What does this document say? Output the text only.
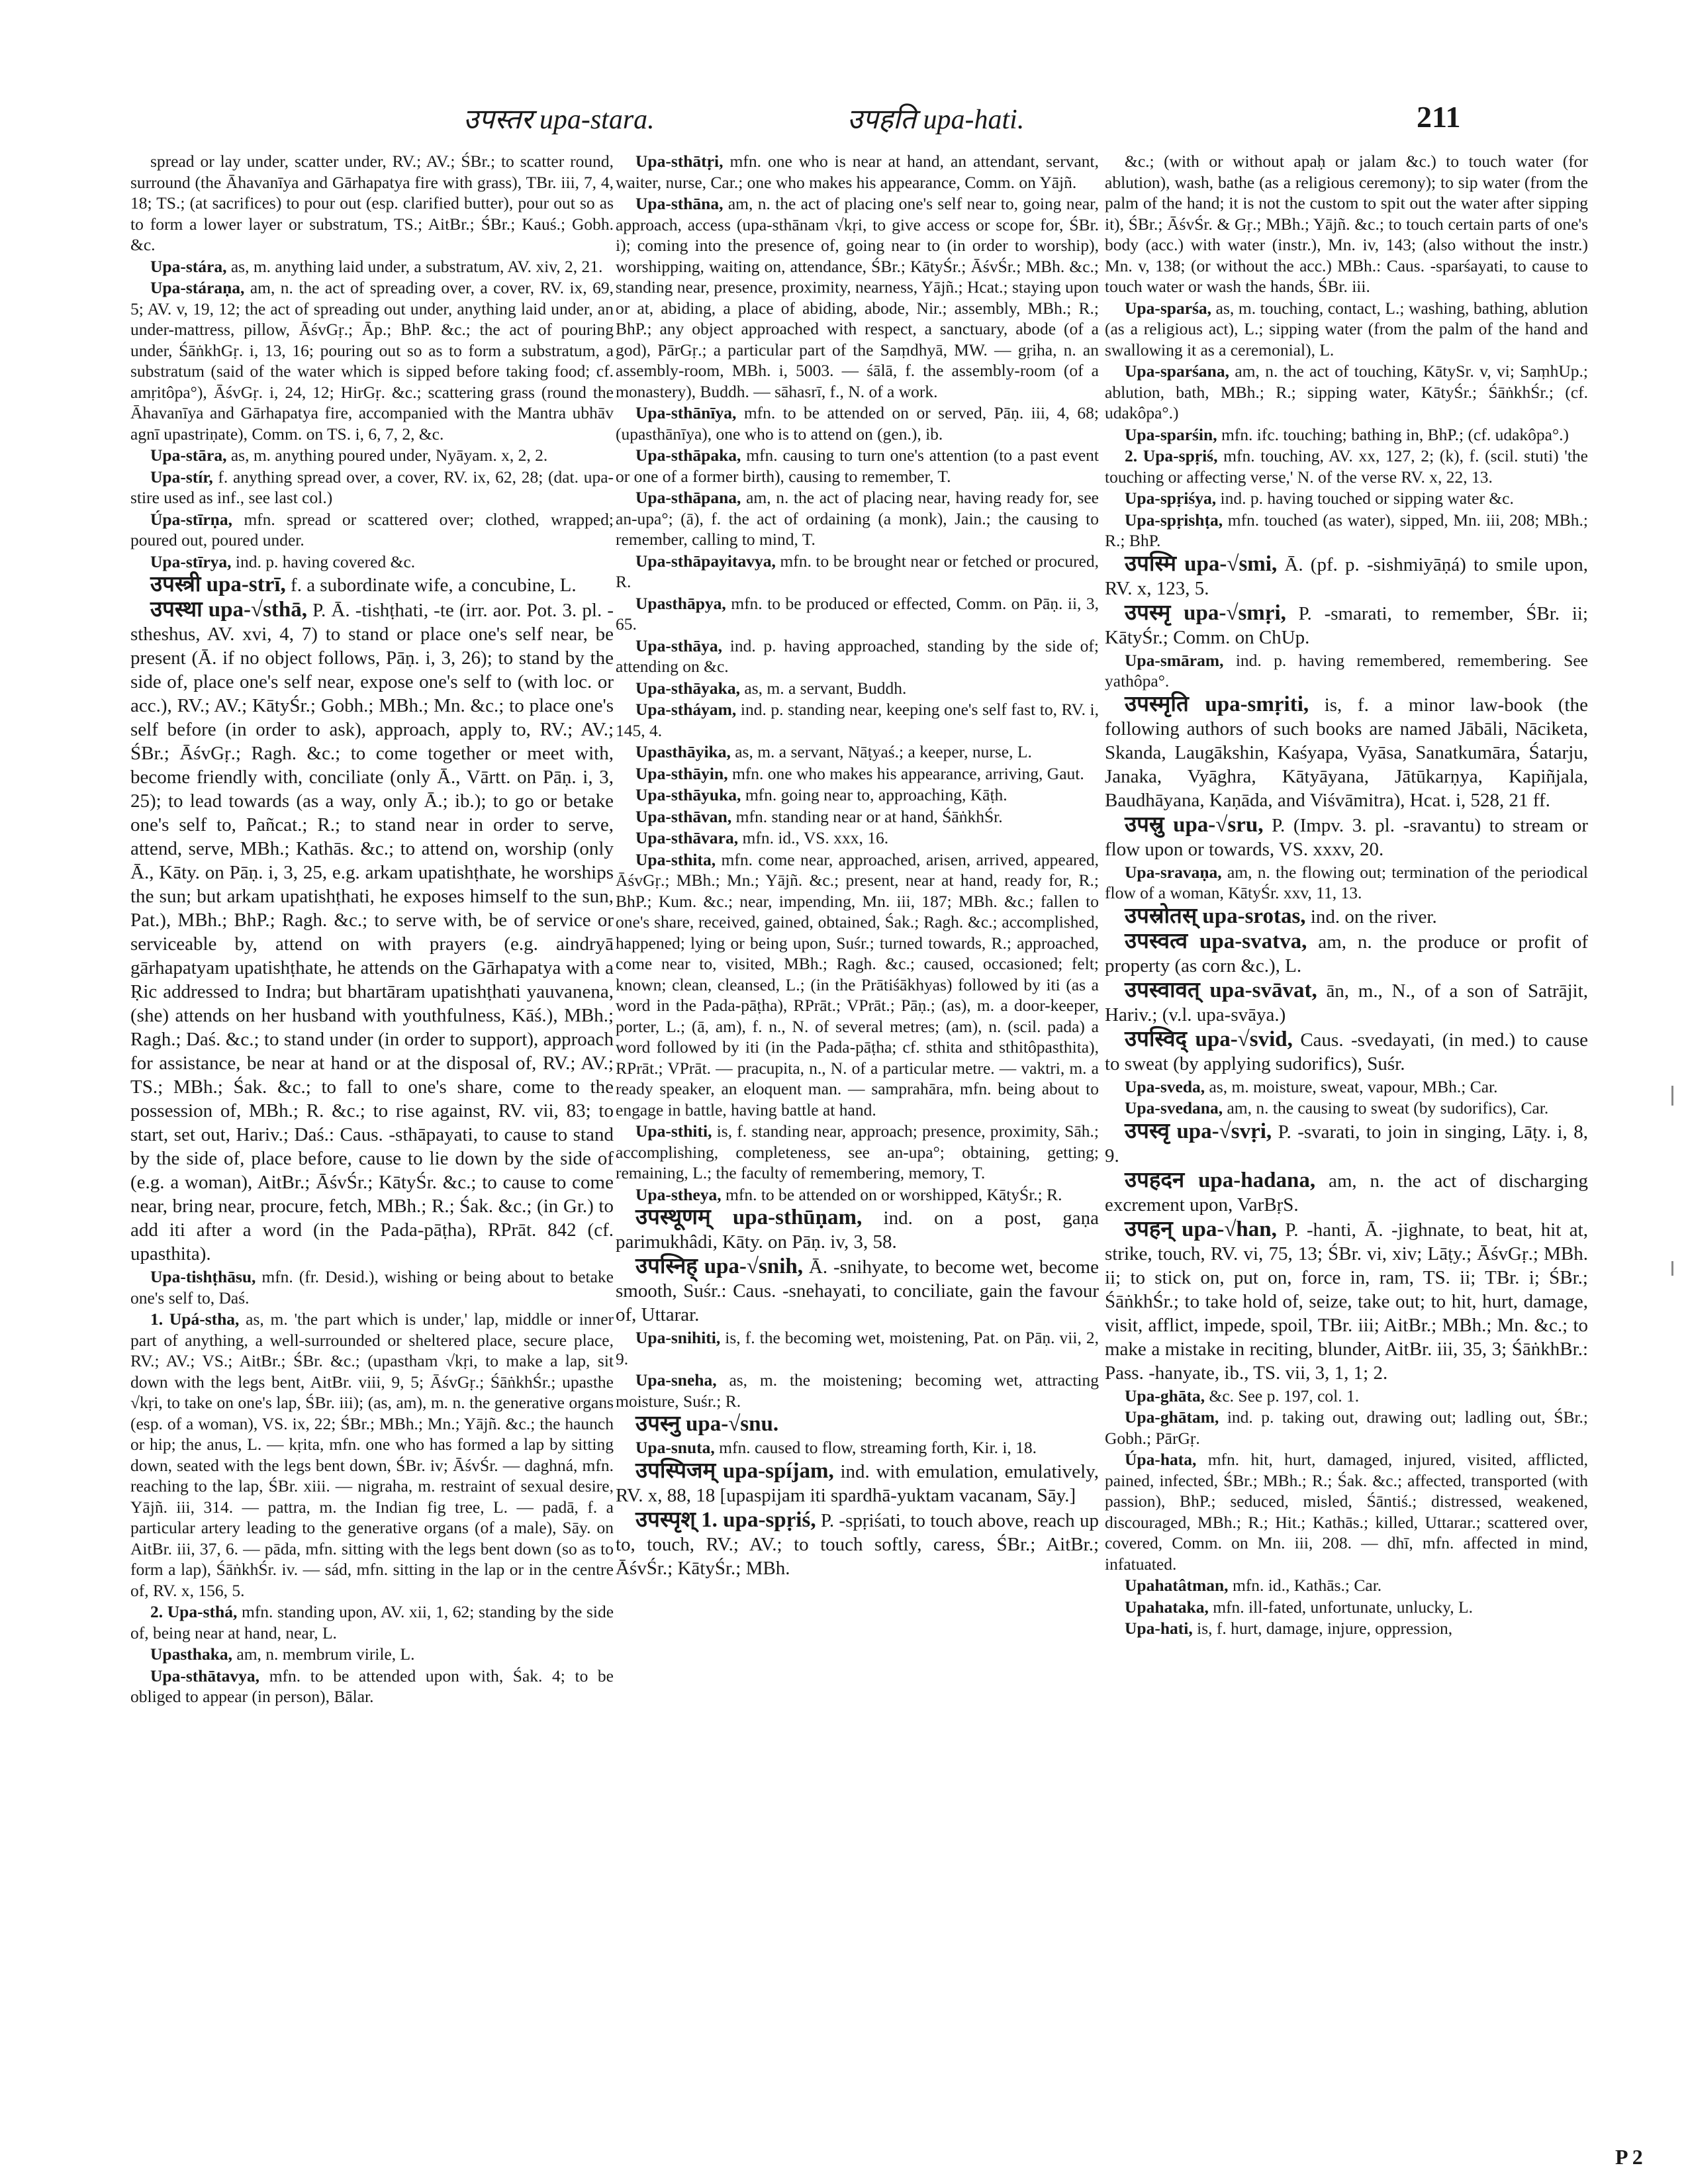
उपस्तर upa-stara.	उपहति upa-hati.	211

spread or lay under, scatter under, RV.; AV.; ŚBr.; to scatter round, surround (the Āhavanīya and Gārhapatya fire with grass), TBr. iii, 7, 4, 18; TS.; (at sacrifices) to pour out (esp. clarified butter), pour out so as to form a lower layer or substratum, TS.; AitBr.; ŚBr.; Kauś.; Gobh. &c.

Upa-stára, as, m. anything laid under, a substratum, AV. xiv, 2, 21.

Upa-stáraṇa, am, n. the act of spreading over, a cover, RV. ix, 69, 5; AV. v, 19, 12; the act of spreading out under, anything laid under, an under-mattress, pillow, ĀśvGṛ.; Āp.; BhP. &c.; the act of pouring under, ŚāṅkhGṛ. i, 13, 16; pouring out so as to form a substratum, a substratum (said of the water which is sipped before taking food; cf. amṛitôpa°), ĀśvGṛ. i, 24, 12; HirGṛ. &c.; scattering grass (round the Āhavanīya and Gārhapatya fire, accompanied with the Mantra ubhāv agnī upastriṇate), Comm. on TS. i, 6, 7, 2, &c.

Upa-stāra, as, m. anything poured under, Nyāyam. x, 2, 2.

Upa-stír, f. anything spread over, a cover, RV. ix, 62, 28; (dat. upa-stire used as inf., see last col.)

Úpa-stīrṇa, mfn. spread or scattered over; clothed, wrapped; poured out, poured under.

Upa-stīrya, ind. p. having covered &c.

उपस्त्री upa-strī, f. a subordinate wife, a concubine, L.

उपस्था upa-√sthā, P. Ā. -tishṭhati, -te (irr. aor. Pot. 3. pl. -stheshus, AV. xvi, 4, 7) to stand or place one's self near, be present (Ā. if no object follows, Pāṇ. i, 3, 26); to stand by the side of, place one's self near, expose one's self to (with loc. or acc.), RV.; AV.; KātyŚr.; Gobh.; MBh.; Mn. &c.; to place one's self before (in order to ask), approach, apply to, RV.; AV.; ŚBr.; ĀśvGṛ.; Ragh. &c.; to come together or meet with, become friendly with, conciliate (only Ā., Vārtt. on Pāṇ. i, 3, 25); to lead towards (as a way, only Ā.; ib.); to go or betake one's self to, Pañcat.; R.; to stand near in order to serve, attend, serve, MBh.; Kathās. &c.; to attend on, worship (only Ā., Kāty. on Pāṇ. i, 3, 25, e.g. arkam upatishṭhate, he worships the sun; but arkam upatishṭhati, he exposes himself to the sun, Pat.), MBh.; BhP.; Ragh. &c.; to serve with, be of service or serviceable by, attend on with prayers (e.g. aindryā gārhapatyam upatishṭhate, he attends on the Gārhapatya with a Ṛic addressed to Indra; but bhartāram upatishṭhati yauvanena, (she) attends on her husband with youthfulness, Kāś.), MBh.; Ragh.; Daś. &c.; to stand under (in order to support), approach for assistance, be near at hand or at the disposal of, RV.; AV.; TS.; MBh.; Śak. &c.; to fall to one's share, come to the possession of, MBh.; R. &c.; to rise against, RV. vii, 83; to start, set out, Hariv.; Daś.: Caus. -sthāpayati, to cause to stand by the side of, place before, cause to lie down by the side of (e.g. a woman), AitBr.; ĀśvŚr.; KātyŚr. &c.; to cause to come near, bring near, procure, fetch, MBh.; R.; Śak. &c.; (in Gr.) to add iti after a word (in the Pada-pāṭha), RPrāt. 842 (cf. upasthita).

Upa-tishṭhāsu, mfn. (fr. Desid.), wishing or being about to betake one's self to, Daś.

1. Upá-stha, as, m. 'the part which is under,' lap, middle or inner part of anything, a well-surrounded or sheltered place, secure place, RV.; AV.; VS.; AitBr.; ŚBr. &c.; (upastham √kṛi, to make a lap, sit down with the legs bent, AitBr. viii, 9, 5; ĀśvGṛ.; ŚāṅkhŚr.; upasthe √kṛi, to take on one's lap, ŚBr. iii); (as, am), m. n. the generative organs (esp. of a woman), VS. ix, 22; ŚBr.; MBh.; Mn.; Yājñ. &c.; the haunch or hip; the anus, L. — kṛita, mfn. one who has formed a lap by sitting down, seated with the legs bent down, ŚBr. iv; ĀśvŚr. — daghná, mfn. reaching to the lap, ŚBr. xiii. — nigraha, m. restraint of sexual desire, Yājñ. iii, 314. — pattra, m. the Indian fig tree, L. — padā, f. a particular artery leading to the generative organs (of a male), Sāy. on AitBr. iii, 37, 6. — pāda, mfn. sitting with the legs bent down (so as to form a lap), ŚāṅkhŚr. iv. — sád, mfn. sitting in the lap or in the centre of, RV. x, 156, 5.

2. Upa-sthá, mfn. standing upon, AV. xii, 1, 62; standing by the side of, being near at hand, near, L.

Upasthaka, am, n. membrum virile, L.

Upa-sthātavya, mfn. to be attended upon with, Śak. 4; to be obliged to appear (in person), Bālar.

Upa-sthātṛi, mfn. one who is near at hand, an attendant, servant, waiter, nurse, Car.; one who makes his appearance, Comm. on Yājñ.

Upa-sthāna, am, n. the act of placing one's self near to, going near, approach, access (upa-sthānam √kṛi, to give access or scope for, ŚBr. i); coming into the presence of, going near to (in order to worship), worshipping, waiting on, attendance, ŚBr.; KātyŚr.; ĀśvŚr.; MBh. &c.; standing near, presence, proximity, nearness, Yājñ.; Hcat.; staying upon or at, abiding, a place of abiding, abode, Nir.; assembly, MBh.; R.; BhP.; any object approached with respect, a sanctuary, abode (of a god), PārGṛ.; a particular part of the Saṃdhyā, MW. — gṛiha, n. an assembly-room, MBh. i, 5003. — śālā, f. the assembly-room (of a monastery), Buddh. — sāhasrī, f., N. of a work.

Upa-sthānīya, mfn. to be attended on or served, Pāṇ. iii, 4, 68; (upasthānīya), one who is to attend on (gen.), ib.

Upa-sthāpaka, mfn. causing to turn one's attention (to a past event or one of a former birth), causing to remember, T.

Upa-sthāpana, am, n. the act of placing near, having ready for, see an-upa°; (ā), f. the act of ordaining (a monk), Jain.; the causing to remember, calling to mind, T.

Upa-sthāpayitavya, mfn. to be brought near or fetched or procured, R.

Upasthāpya, mfn. to be produced or effected, Comm. on Pāṇ. ii, 3, 65.

Upa-sthāya, ind. p. having approached, standing by the side of; attending on &c.

Upa-sthāyaka, as, m. a servant, Buddh.

Upa-stháyam, ind. p. standing near, keeping one's self fast to, RV. i, 145, 4.

Upasthāyika, as, m. a servant, Nāṭyaś.; a keeper, nurse, L.

Upa-sthāyin, mfn. one who makes his appearance, arriving, Gaut.

Upa-sthāyuka, mfn. going near to, approaching, Kāṭh.

Upa-sthāvan, mfn. standing near or at hand, ŚāṅkhŚr.

Upa-sthāvara, mfn. id., VS. xxx, 16.

Upa-sthita, mfn. come near, approached, arisen, arrived, appeared, ĀśvGṛ.; MBh.; Mn.; Yājñ. &c.; present, near at hand, ready for, R.; BhP.; Kum. &c.; near, impending, Mn. iii, 187; MBh. &c.; fallen to one's share, received, gained, obtained, Śak.; Ragh. &c.; accomplished, happened; lying or being upon, Suśr.; turned towards, R.; approached, come near to, visited, MBh.; Ragh. &c.; caused, occasioned; felt; known; clean, cleansed, L.; (in the Prātiśākhyas) followed by iti (as a word in the Pada-pāṭha), RPrāt.; VPrāt.; Pāṇ.; (as), m. a door-keeper, porter, L.; (ā, am), f. n., N. of several metres; (am), n. (scil. pada) a word followed by iti (in the Pada-pāṭha; cf. sthita and sthitôpasthita), RPrāt.; VPrāt. — pracupita, n., N. of a particular metre. — vaktri, m. a ready speaker, an eloquent man. — samprahāra, mfn. being about to engage in battle, having battle at hand.

Upa-sthiti, is, f. standing near, approach; presence, proximity, Sāh.; accomplishing, completeness, see an-upa°; obtaining, getting; remaining, L.; the faculty of remembering, memory, T.

Upa-stheya, mfn. to be attended on or worshipped, KātyŚr.; R.

उपस्थूणम् upa-sthūṇam, ind. on a post, gaṇa parimukhâdi, Kāty. on Pāṇ. iv, 3, 58.

उपस्निह् upa-√snih, Ā. -snihyate, to become wet, become smooth, Suśr.: Caus. -snehayati, to conciliate, gain the favour of, Uttarar.

Upa-snihiti, is, f. the becoming wet, moistening, Pat. on Pāṇ. vii, 2, 9.

Upa-sneha, as, m. the moistening; becoming wet, attracting moisture, Suśr.; R.

उपस्नु upa-√snu.

Upa-snuta, mfn. caused to flow, streaming forth, Kir. i, 18.

उपस्पिजम् upa-spíjam, ind. with emulation, emulatively, RV. x, 88, 18 [upaspijam iti spardhā-yuktam vacanam, Sāy.]

उपस्पृश् 1. upa-spṛiś, P. -spṛiśati, to touch above, reach up to, touch, RV.; AV.; to touch softly, caress, ŚBr.; AitBr.; ĀśvŚr.; KātyŚr.; MBh.

&c.; (with or without apaḥ or jalam &c.) to touch water (for ablution), wash, bathe (as a religious ceremony); to sip water (from the palm of the hand; it is not the custom to spit out the water after sipping it), ŚBr.; ĀśvŚr. & Gṛ.; MBh.; Yājñ. &c.; to touch certain parts of one's body (acc.) with water (instr.), Mn. iv, 143; (also without the instr.) Mn. v, 138; (or without the acc.) MBh.: Caus. -sparśayati, to cause to touch water or wash the hands, ŚBr. iii.

Upa-sparśa, as, m. touching, contact, L.; washing, bathing, ablution (as a religious act), L.; sipping water (from the palm of the hand and swallowing it as a ceremonial), L.

Upa-sparśana, am, n. the act of touching, KātySr. v, vi; SaṃhUp.; ablution, bath, MBh.; R.; sipping water, KātyŚr.; ŚāṅkhŚr.; (cf. udakôpa°.)

Upa-sparśin, mfn. ifc. touching; bathing in, BhP.; (cf. udakôpa°.)

2. Upa-spṛiś, mfn. touching, AV. xx, 127, 2; (k), f. (scil. stuti) 'the touching or affecting verse,' N. of the verse RV. x, 22, 13.

Upa-spṛiśya, ind. p. having touched or sipping water &c.

Upa-spṛishṭa, mfn. touched (as water), sipped, Mn. iii, 208; MBh.; R.; BhP.

उपस्मि upa-√smi, Ā. (pf. p. -sishmiyāṇá) to smile upon, RV. x, 123, 5.

उपस्मृ upa-√smṛi, P. -smarati, to remember, ŚBr. ii; KātyŚr.; Comm. on ChUp.

Upa-smāram, ind. p. having remembered, remembering. See yathôpa°.

उपस्मृति upa-smṛiti, is, f. a minor law-book (the following authors of such books are named Jābāli, Nāciketa, Skanda, Laugākshin, Kaśyapa, Vyāsa, Sanatkumāra, Śatarju, Janaka, Vyāghra, Kātyāyana, Jātūkarṇya, Kapiñjala, Baudhāyana, Kaṇāda, and Viśvāmitra), Hcat. i, 528, 21 ff.

उपस्रु upa-√sru, P. (Impv. 3. pl. -sravantu) to stream or flow upon or towards, VS. xxxv, 20.

Upa-sravaṇa, am, n. the flowing out; termination of the periodical flow of a woman, KātyŚr. xxv, 11, 13.

उपस्रोतस् upa-srotas, ind. on the river.

उपस्वत्व upa-svatva, am, n. the produce or profit of property (as corn &c.), L.

उपस्वावत् upa-svāvat, ān, m., N., of a son of Satrājit, Hariv.; (v.l. upa-svāya.)

उपस्विद् upa-√svid, Caus. -svedayati, (in med.) to cause to sweat (by applying sudorifics), Suśr.

Upa-sveda, as, m. moisture, sweat, vapour, MBh.; Car.

Upa-svedana, am, n. the causing to sweat (by sudorifics), Car.

उपस्वृ upa-√svṛi, P. -svarati, to join in singing, Lāṭy. i, 8, 9.

उपहदन upa-hadana, am, n. the act of discharging excrement upon, VarBṛS.

उपहन् upa-√han, P. -hanti, Ā. -jighnate, to beat, hit at, strike, touch, RV. vi, 75, 13; ŚBr. vi, xiv; Lāṭy.; ĀśvGṛ.; MBh. ii; to stick on, put on, force in, ram, TS. ii; TBr. i; ŚBr.; ŚāṅkhŚr.; to take hold of, seize, take out; to hit, hurt, damage, visit, afflict, impede, spoil, TBr. iii; AitBr.; MBh.; Mn. &c.; to make a mistake in reciting, blunder, AitBr. iii, 35, 3; ŚāṅkhBr.: Pass. -hanyate, ib., TS. vii, 3, 1, 1; 2.

Upa-ghāta, &c. See p. 197, col. 1.

Upa-ghātam, ind. p. taking out, drawing out; ladling out, ŚBr.; Gobh.; PārGṛ.

Úpa-hata, mfn. hit, hurt, damaged, injured, visited, afflicted, pained, infected, ŚBr.; MBh.; R.; Śak. &c.; affected, transported (with passion), BhP.; seduced, misled, Śāntiś.; distressed, weakened, discouraged, MBh.; R.; Hit.; Kathās.; killed, Uttarar.; scattered over, covered, Comm. on Mn. iii, 208. — dhī, mfn. affected in mind, infatuated.

Upahatâtman, mfn. id., Kathās.; Car.

Upahataka, mfn. ill-fated, unfortunate, unlucky, L.

Upa-hati, is, f. hurt, damage, injure, oppression,

P 2
